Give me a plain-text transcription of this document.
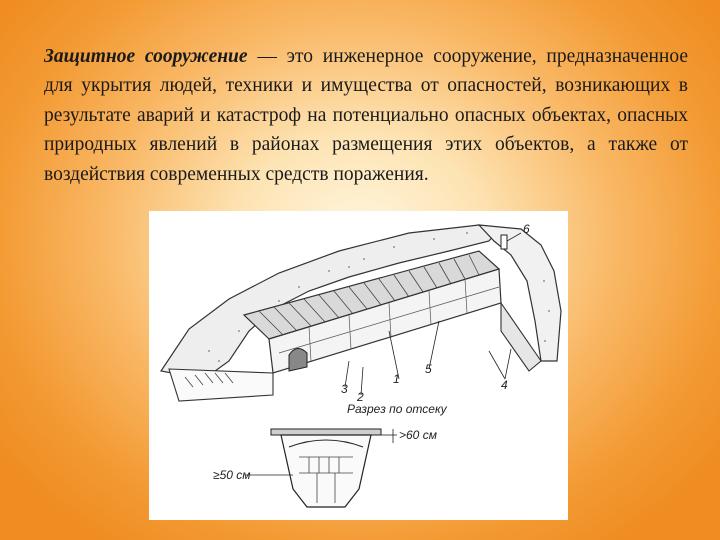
Защитное сооружение — это инженерное сооружение, предназначенное для укрытия людей, техники и имущества от опасностей, возникающих в результате аварий и катастроф на потенциально опасных объектах, опасных природных явлений в районах размещения этих объектов, а также от воздействия современных средств поражения.

6
1
5
4
3
2
Разрез по отсеку
>60 см
≥50 см
